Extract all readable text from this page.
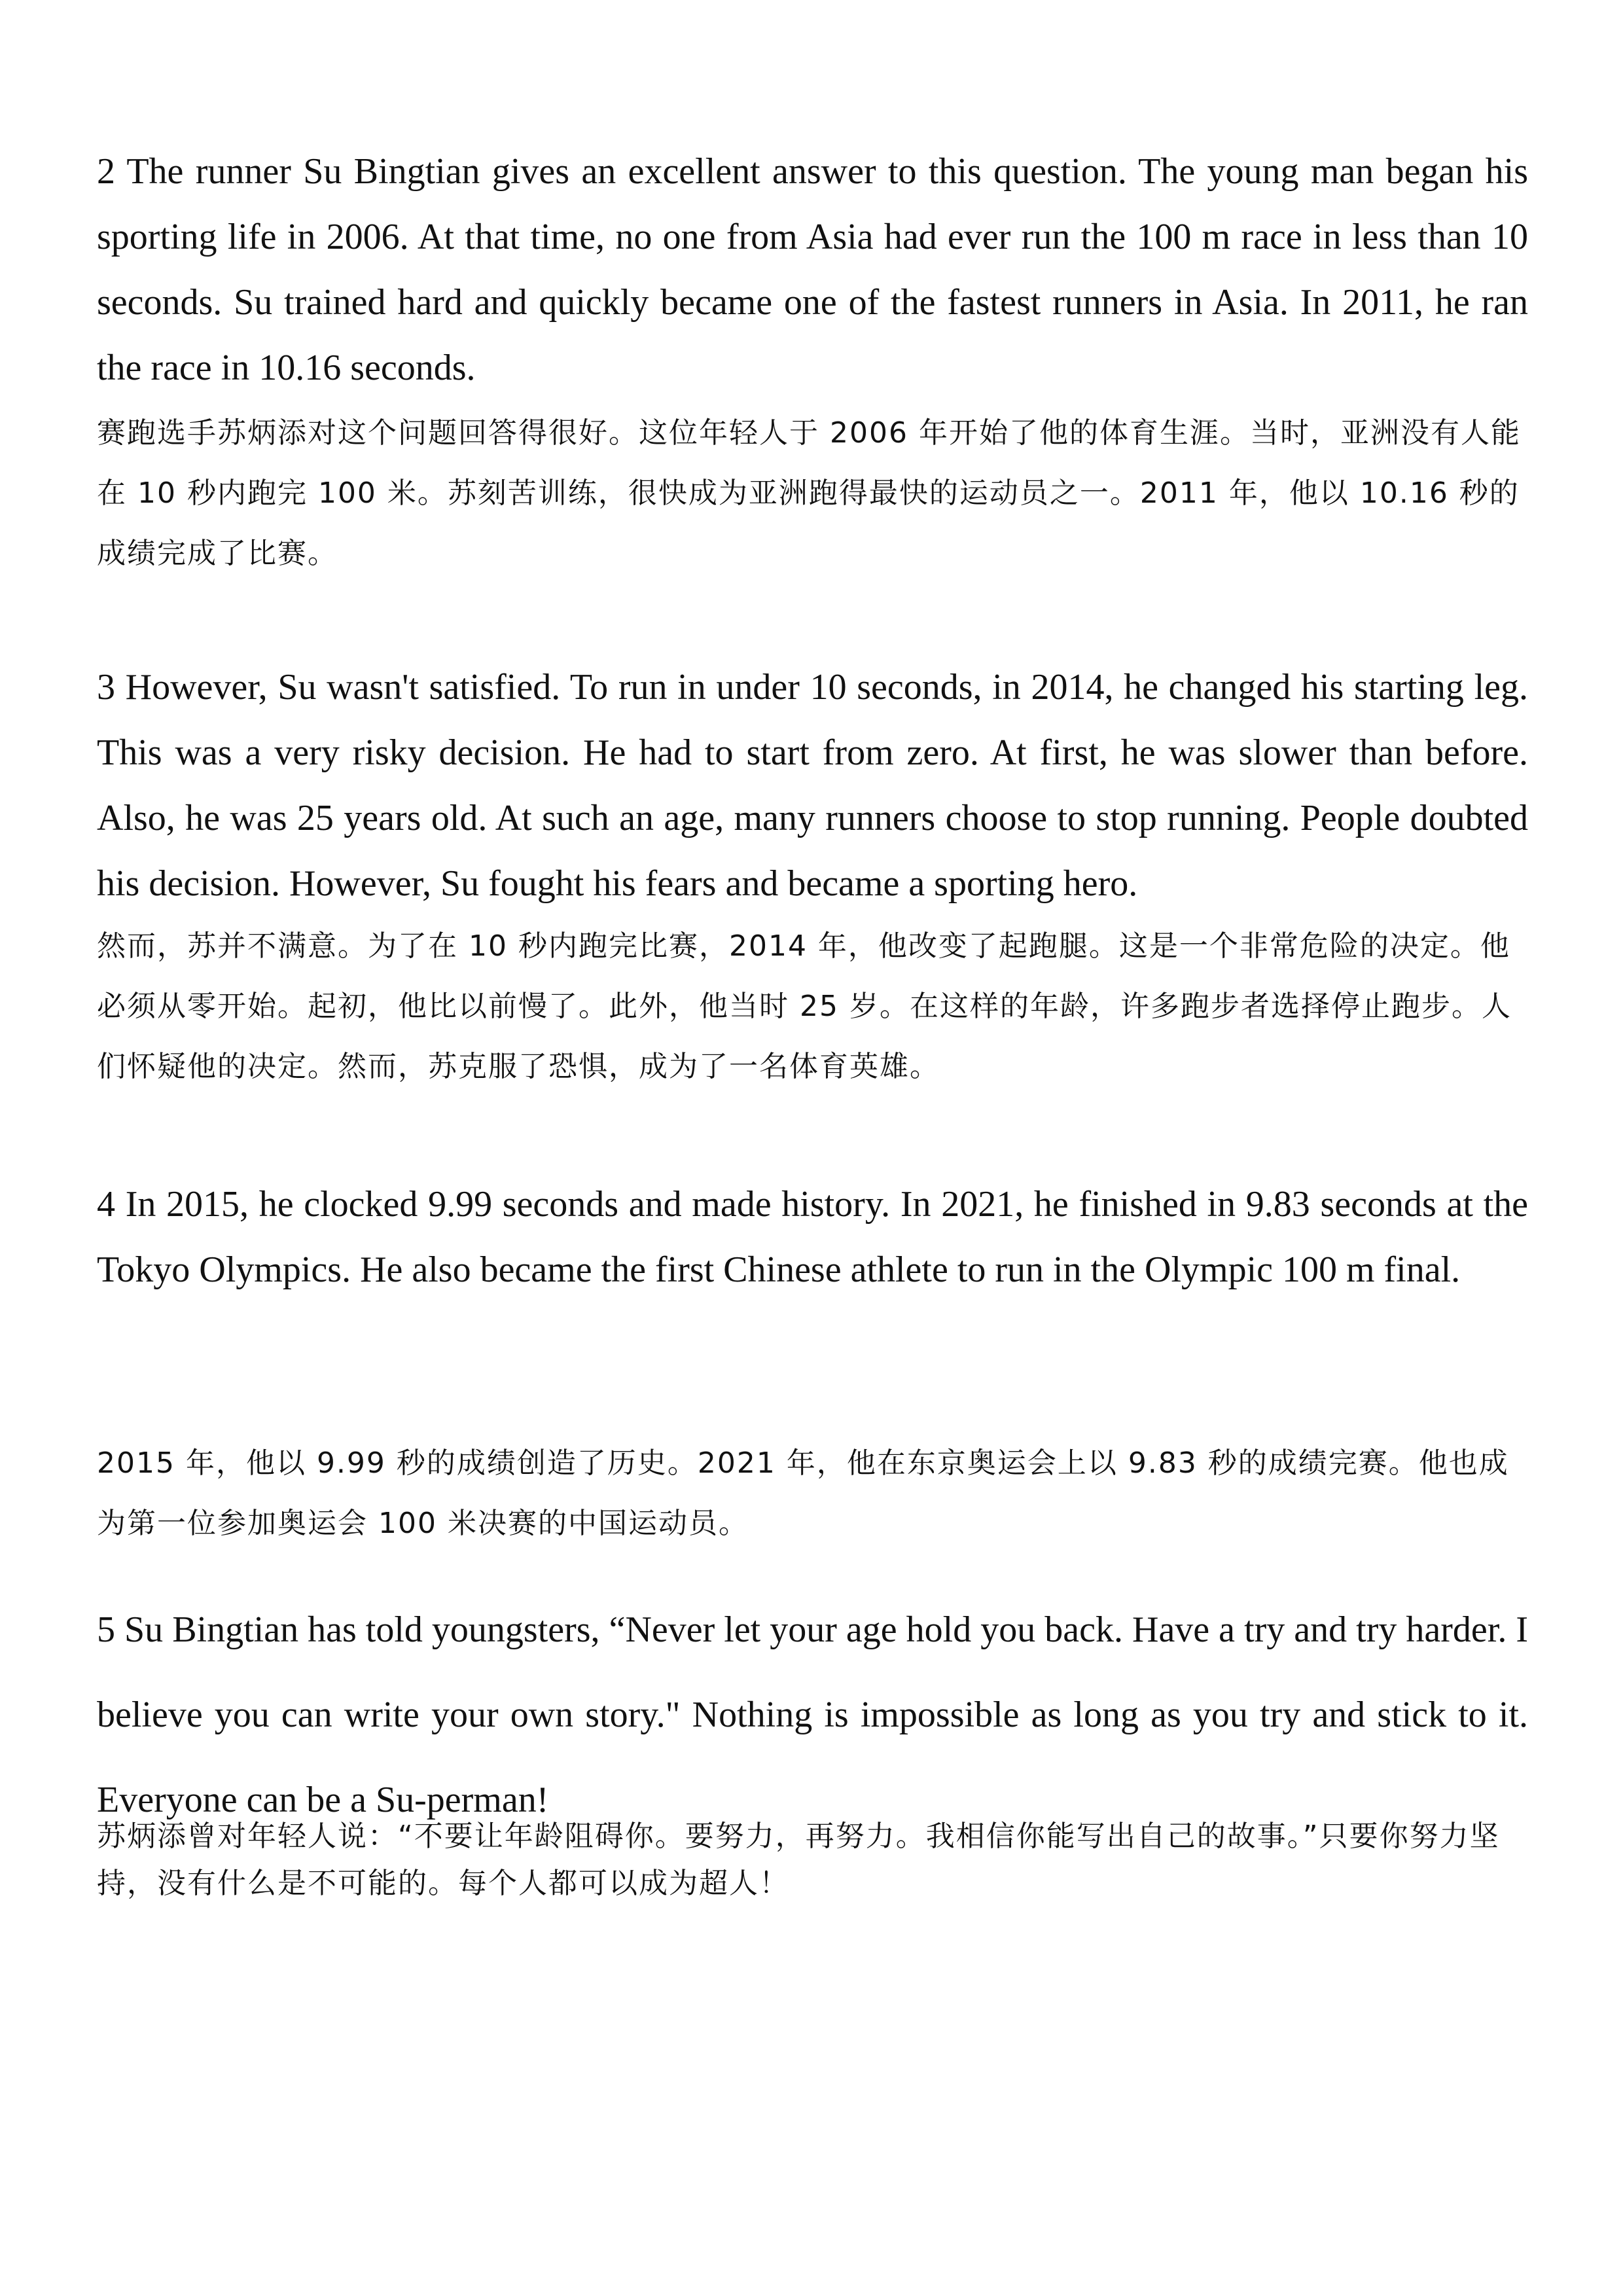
2 The runner Su Bingtian gives an excellent answer to this question. The young man began his sporting life in 2006. At that time, no one from Asia had ever run the 100 m race in less than 10 seconds. Su trained hard and quickly became one of the fastest runners in Asia. In 2011, he ran the race in 10.16 seconds.

赛跑选手苏炳添对这个问题回答得很好。这位年轻人于 2006 年开始了他的体育生涯。当时，亚洲没有人能在 10 秒内跑完 100 米。苏刻苦训练，很快成为亚洲跑得最快的运动员之一。2011 年，他以 10.16 秒的成绩完成了比赛。

3 However, Su wasn't satisfied. To run in under 10 seconds, in 2014, he changed his starting leg. This was a very risky decision. He had to start from zero. At first, he was slower than before. Also, he was 25 years old. At such an age, many runners choose to stop running. People doubted his decision. However, Su fought his fears and became a sporting hero.

然而，苏并不满意。为了在 10 秒内跑完比赛，2014 年，他改变了起跑腿。这是一个非常危险的决定。他必须从零开始。起初，他比以前慢了。此外，他当时 25 岁。在这样的年龄，许多跑步者选择停止跑步。人们怀疑他的决定。然而，苏克服了恐惧，成为了一名体育英雄。

4 In 2015, he clocked 9.99 seconds and made history. In 2021, he finished in 9.83 seconds at the Tokyo Olympics. He also became the first Chinese athlete to run in the Olympic 100 m final.

2015 年，他以 9.99 秒的成绩创造了历史。2021 年，他在东京奥运会上以 9.83 秒的成绩完赛。他也成为第一位参加奥运会 100 米决赛的中国运动员。

5 Su Bingtian has told youngsters, “Never let your age hold you back. Have a try and try harder. I believe you can write your own story." Nothing is impossible as long as you try and stick to it. Everyone can be a Su-perman!

苏炳添曾对年轻人说：“不要让年龄阻碍你。要努力，再努力。我相信你能写出自己的故事。”只要你努力坚持，没有什么是不可能的。每个人都可以成为超人！
